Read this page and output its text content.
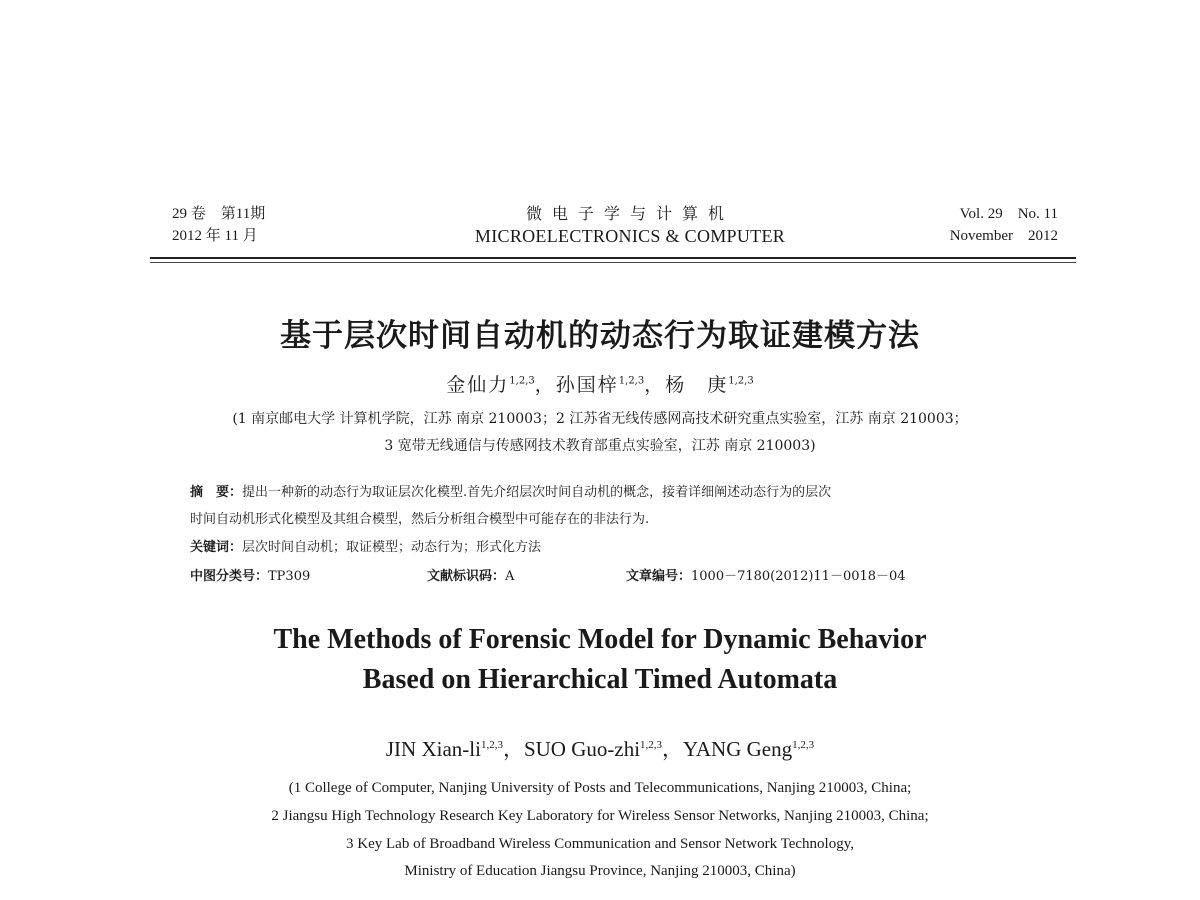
29 卷　第11期
2012 年 11 月
微电子学与计算机
MICROELECTRONICS & COMPUTER
Vol. 29　No. 11
November　2012
基于层次时间自动机的动态行为取证建模方法
金仙力$^{1,2,3}$，孙国梓$^{1,2,3}$，杨　庚$^{1,2,3}$
(1 南京邮电大学 计算机学院，江苏 南京 210003；2 江苏省无线传感网高技术研究重点实验室，江苏 南京 210003；
3 宽带无线通信与传感网技术教育部重点实验室，江苏 南京 210003)
摘　要：提出一种新的动态行为取证层次化模型.首先介绍层次时间自动机的概念，接着详细阐述动态行为的层次
时间自动机形式化模型及其组合模型，然后分析组合模型中可能存在的非法行为.
关键词：层次时间自动机；取证模型；动态行为；形式化方法
中图分类号：TP309	文献标识码：A	文章编号：1000－7180(2012)11－0018－04
The Methods of Forensic Model for Dynamic Behavior
Based on Hierarchical Timed Automata
JIN Xian-li$^{1,2,3}$，SUO Guo-zhi$^{1,2,3}$，YANG Geng$^{1,2,3}$
(1 College of Computer, Nanjing University of Posts and Telecommunications, Nanjing 210003, China;
2 Jiangsu High Technology Research Key Laboratory for Wireless Sensor Networks, Nanjing 210003, China;
3 Key Lab of Broadband Wireless Communication and Sensor Network Technology,
Ministry of Education Jiangsu Province, Nanjing 210003, China)
